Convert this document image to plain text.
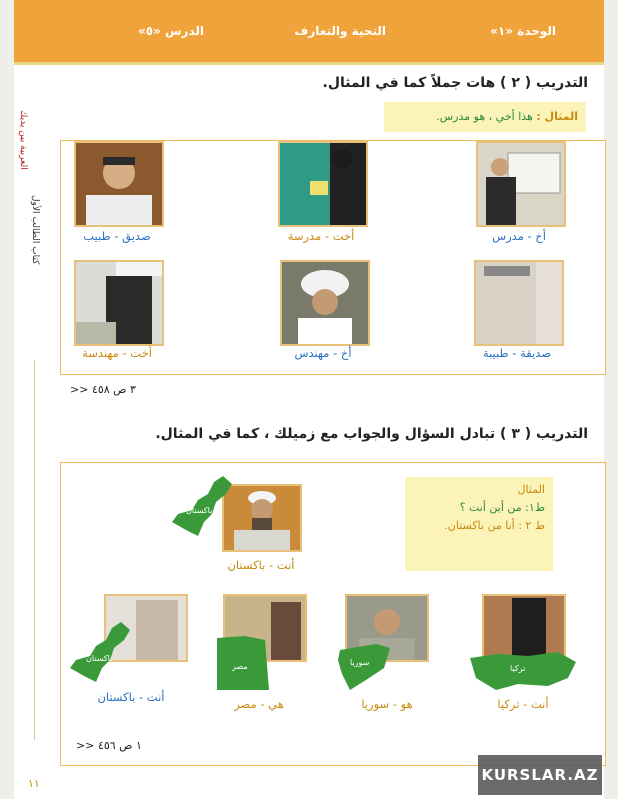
الوحدة «١»
التحية والتعارف
الدرس «٥»
العربية بين يديك
كتاب الطالب الأول
التدريب ( ٢ ) هات جملاً كما في المثال.
المثال : هذا أخي ، هو مدرس.
أخ - مدرس
أخت - مدرسة
صديق - طبيب
صديقة - طبيبة
أخ - مهندس
أخت - مهندسة
>> ٣ ص ٤٥٨
التدريب ( ٣ ) تبادل السؤال والجواب مع زميلك ، كما في المثال.
المثال
ط١: من أين أنت ؟
ط ٢ : أنا من باكستان.
باكستان
أنت - باكستان
تركيا
أنت - تركيا
سوريا
هو - سوريا
مصر
هي - مصر
باكستان
أنت - باكستان
>> ١ ص ٤٥٦
١١	KURSLAR.AZ
